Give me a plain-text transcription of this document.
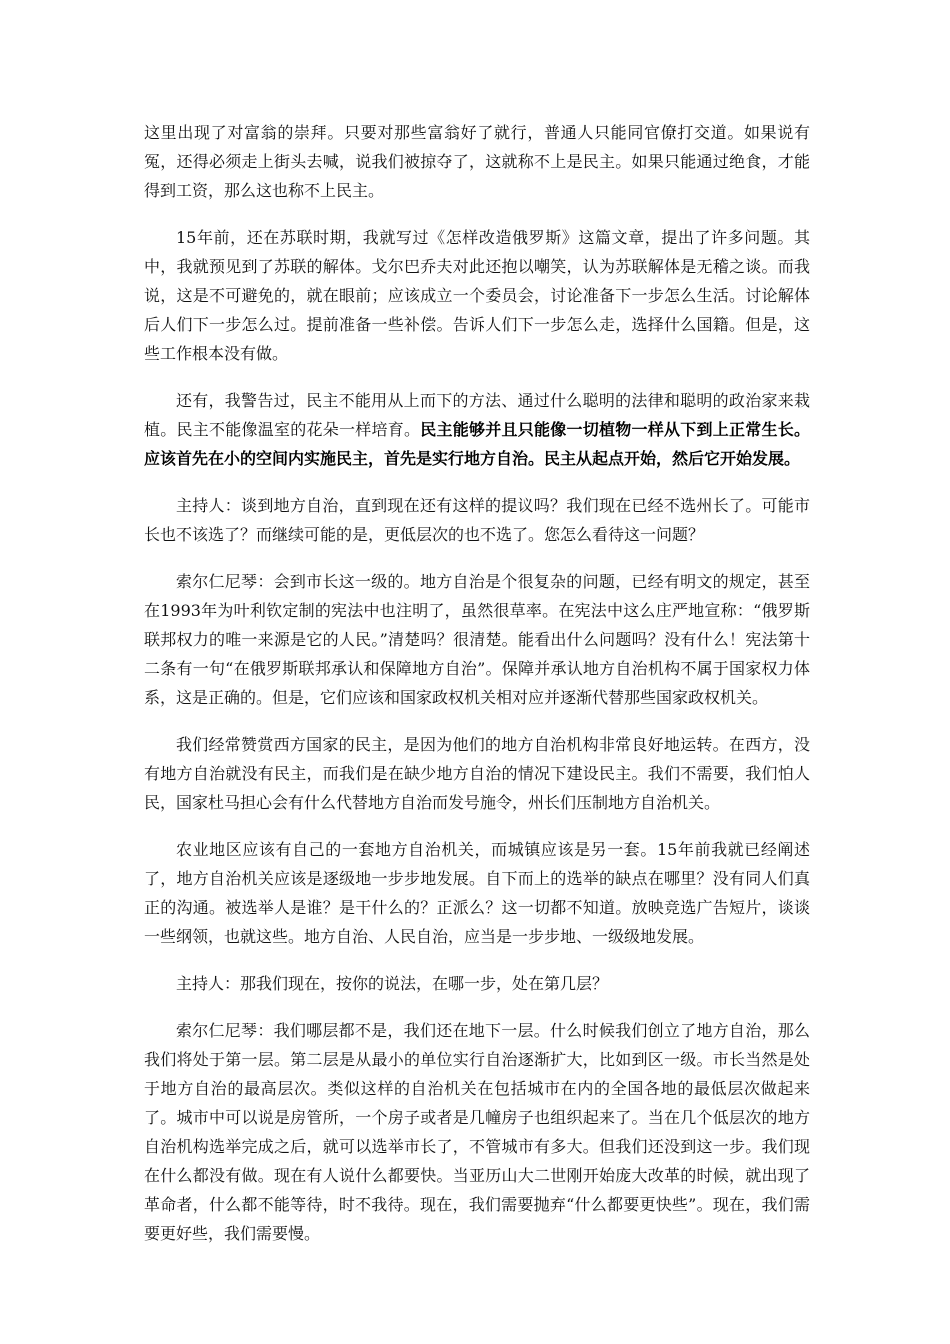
这里出现了对富翁的崇拜。只要对那些富翁好了就行，普通人只能同官僚打交道。如果说有冤，还得必须走上街头去喊，说我们被掠夺了，这就称不上是民主。如果只能通过绝食，才能得到工资，那么这也称不上民主。

15年前，还在苏联时期，我就写过《怎样改造俄罗斯》这篇文章，提出了许多问题。其中，我就预见到了苏联的解体。戈尔巴乔夫对此还抱以嘲笑，认为苏联解体是无稽之谈。而我说，这是不可避免的，就在眼前；应该成立一个委员会，讨论准备下一步怎么生活。讨论解体后人们下一步怎么过。提前准备一些补偿。告诉人们下一步怎么走，选择什么国籍。但是，这些工作根本没有做。

还有，我警告过，民主不能用从上而下的方法、通过什么聪明的法律和聪明的政治家来栽植。民主不能像温室的花朵一样培育。民主能够并且只能像一切植物一样从下到上正常生长。应该首先在小的空间内实施民主，首先是实行地方自治。民主从起点开始，然后它开始发展。

主持人：谈到地方自治，直到现在还有这样的提议吗？我们现在已经不选州长了。可能市长也不该选了？而继续可能的是，更低层次的也不选了。您怎么看待这一问题？

索尔仁尼琴：会到市长这一级的。地方自治是个很复杂的问题，已经有明文的规定，甚至在1993年为叶利钦定制的宪法中也注明了，虽然很草率。在宪法中这么庄严地宣称：“俄罗斯联邦权力的唯一来源是它的人民。”清楚吗？很清楚。能看出什么问题吗？没有什么！宪法第十二条有一句“在俄罗斯联邦承认和保障地方自治”。保障并承认地方自治机构不属于国家权力体系，这是正确的。但是，它们应该和国家政权机关相对应并逐渐代替那些国家政权机关。

我们经常赞赏西方国家的民主，是因为他们的地方自治机构非常良好地运转。在西方，没有地方自治就没有民主，而我们是在缺少地方自治的情况下建设民主。我们不需要，我们怕人民，国家杜马担心会有什么代替地方自治而发号施令，州长们压制地方自治机关。

农业地区应该有自己的一套地方自治机关，而城镇应该是另一套。15年前我就已经阐述了，地方自治机关应该是逐级地一步步地发展。自下而上的选举的缺点在哪里？没有同人们真正的沟通。被选举人是谁？是干什么的？正派么？这一切都不知道。放映竞选广告短片，谈谈一些纲领，也就这些。地方自治、人民自治，应当是一步步地、一级级地发展。

主持人：那我们现在，按你的说法，在哪一步，处在第几层？

索尔仁尼琴：我们哪层都不是，我们还在地下一层。什么时候我们创立了地方自治，那么我们将处于第一层。第二层是从最小的单位实行自治逐渐扩大，比如到区一级。市长当然是处于地方自治的最高层次。类似这样的自治机关在包括城市在内的全国各地的最低层次做起来了。城市中可以说是房管所，一个房子或者是几幢房子也组织起来了。当在几个低层次的地方自治机构选举完成之后，就可以选举市长了，不管城市有多大。但我们还没到这一步。我们现在什么都没有做。现在有人说什么都要快。当亚历山大二世刚开始庞大改革的时候，就出现了革命者，什么都不能等待，时不我待。现在，我们需要抛弃“什么都要更快些”。现在，我们需要更好些，我们需要慢。
